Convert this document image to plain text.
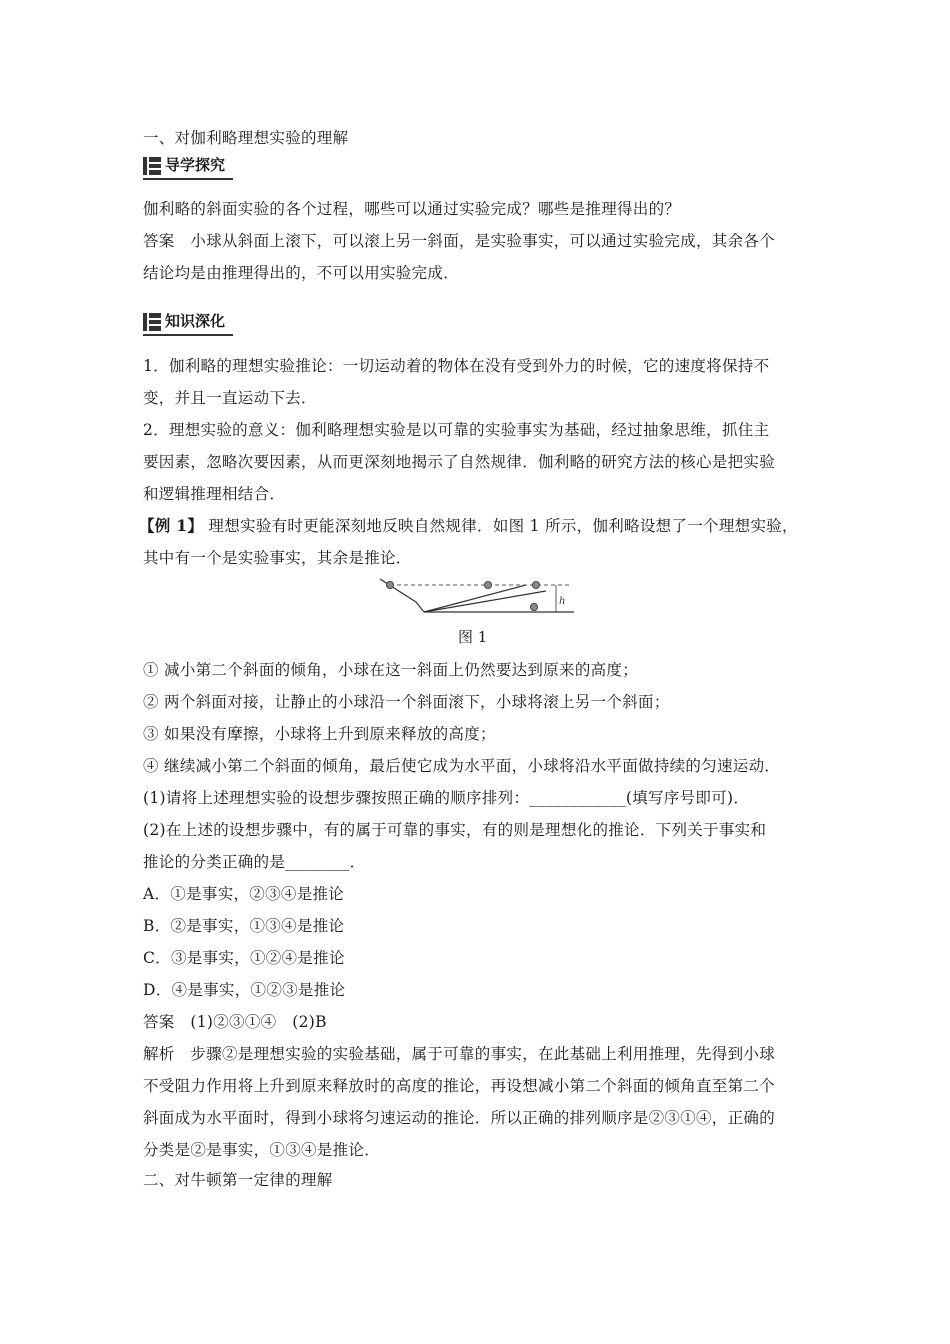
一、对伽利略理想实验的理解
导学探究
伽利略的斜面实验的各个过程，哪些可以通过实验完成？哪些是推理得出的？
答案　小球从斜面上滚下，可以滚上另一斜面，是实验事实，可以通过实验完成，其余各个
结论均是由推理得出的，不可以用实验完成．
知识深化
1．伽利略的理想实验推论：一切运动着的物体在没有受到外力的时候，它的速度将保持不
变，并且一直运动下去．
2．理想实验的意义：伽利略理想实验是以可靠的实验事实为基础，经过抽象思维，抓住主
要因素，忽略次要因素，从而更深刻地揭示了自然规律．伽利略的研究方法的核心是把实验
和逻辑推理相结合．
【例 1】 理想实验有时更能深刻地反映自然规律．如图 1 所示，伽利略设想了一个理想实验，
其中有一个是实验事实，其余是推论．
h
图 1
① 减小第二个斜面的倾角，小球在这一斜面上仍然要达到原来的高度；
② 两个斜面对接，让静止的小球沿一个斜面滚下，小球将滚上另一个斜面；
③ 如果没有摩擦，小球将上升到原来释放的高度；
④ 继续减小第二个斜面的倾角，最后使它成为水平面，小球将沿水平面做持续的匀速运动．
(1)请将上述理想实验的设想步骤按照正确的顺序排列：____________(填写序号即可)．
(2)在上述的设想步骤中，有的属于可靠的事实，有的则是理想化的推论．下列关于事实和
推论的分类正确的是________．
A．①是事实，②③④是推论
B．②是事实，①③④是推论
C．③是事实，①②④是推论
D．④是事实，①②③是推论
答案　(1)②③①④　(2)B
解析　步骤②是理想实验的实验基础，属于可靠的事实，在此基础上利用推理，先得到小球
不受阻力作用将上升到原来释放时的高度的推论，再设想减小第二个斜面的倾角直至第二个
斜面成为水平面时，得到小球将匀速运动的推论．所以正确的排列顺序是②③①④，正确的
分类是②是事实，①③④是推论．
二、对牛顿第一定律的理解
